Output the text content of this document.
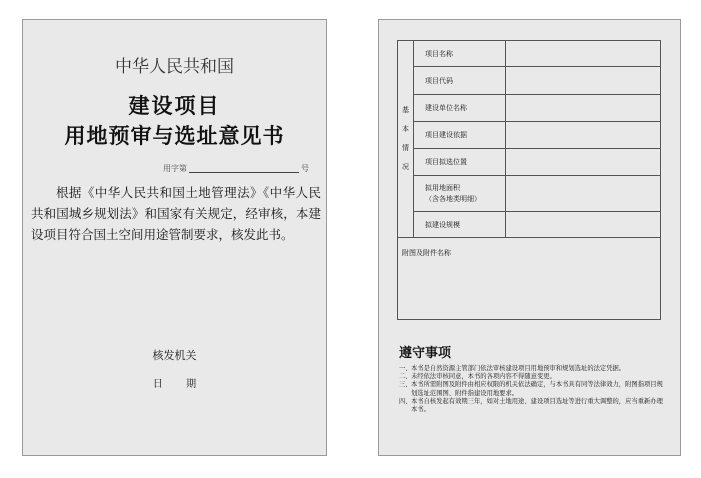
中华人民共和国
建设项目
用地预审与选址意见书
用字第	号
根据《中华人民共和国土地管理法》《中华人民共和国城乡规划法》和国家有关规定，经审核，本建设项目符合国土空间用途管制要求，核发此书。
核发机关
日 期
基
本
情
况	项目名称	
	项目代码	
	建设单位名称	
	项目建设依据	
	项目拟选位置	
	拟用地面积
（含各地类明细）	
	拟建设规模	
附图及附件名称		
遵守事项
一、 本书是自然资源主管部门依法审核建设项目用地预审和规划选址的法定凭据。
二、 未经依法审核同意，本书的各项内容不得随意变更。
三、 本书所需附图及附件由相应权限的机关依法确定，与本书具有同等法律效力，附图指项目规划选址范围图、附件指建设用地要求。
四、 本书自核发起有效期三年，如对土地用途、建设项目选址等进行重大调整的，应当重新办理本书。
